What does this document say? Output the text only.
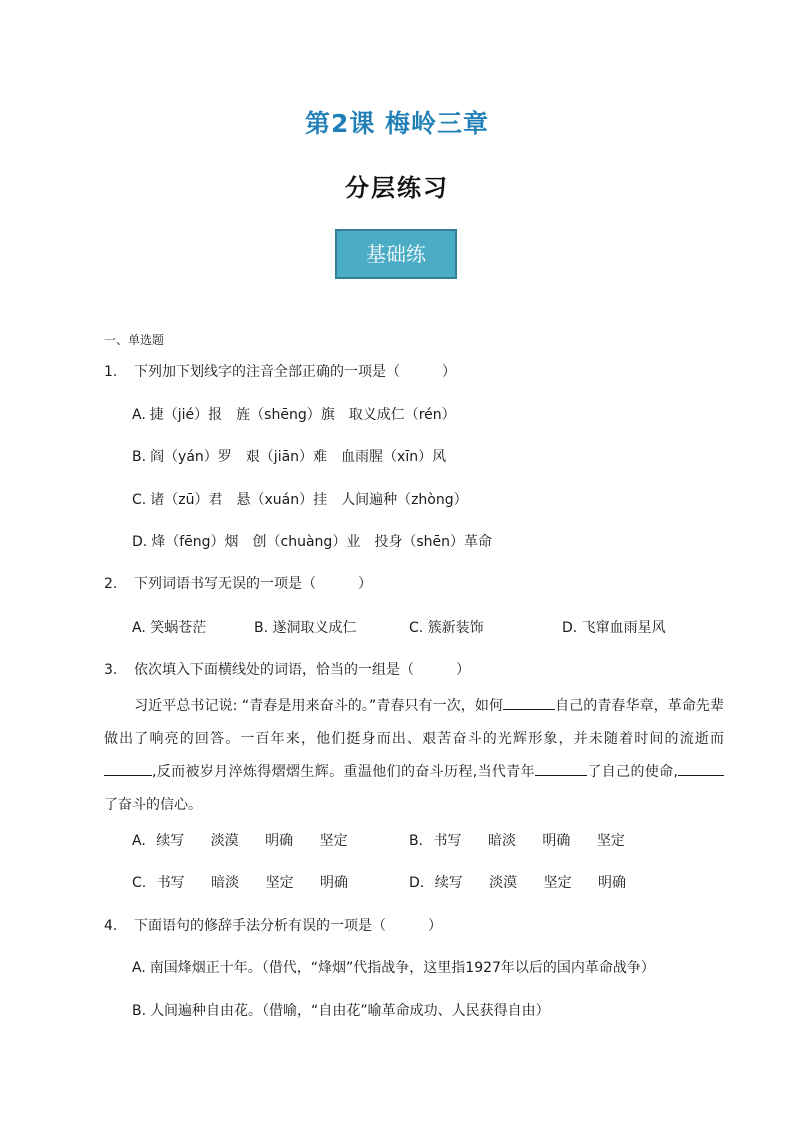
第2课 梅岭三章
分层练习
基础练
一、单选题
1. 下列加下划线字的注音全部正确的一项是（　　　）
A. 捷（jié）报　旌（shēng）旗　取义成仁（rén）
B. 阎（yán）罗　艰（jiān）难　血雨腥（xīn）风
C. 诸（zū）君　悬（xuán）挂　人间遍种（zhòng）
D. 烽（fēng）烟　创（chuàng）业　投身（shēn）革命
2. 下列词语书写无误的一项是（　　　）
A. 笑蜗苍茫	B. 遂洞取义成仁	C. 簇新装饰	D. 飞窜血雨星风
3. 依次填入下面横线处的词语，恰当的一组是（　　　）
习近平总书记说: “青春是用来奋斗的。”青春只有一次，如何	自己的青春华章，革命先辈做出了响亮的回答。一百年来，他们挺身而出、艰苦奋斗的光辉形象，并未随着时间的流逝而,反而被岁月淬炼得熠熠生辉。重温他们的奋斗历程,当代青年	了自己的使命,了奋斗的信心。
A. 续写 淡漠 明确 坚定	B. 书写 暗淡 明确 坚定
C. 书写 暗淡 坚定 明确	D. 续写 淡漠 坚定 明确
4. 下面语句的修辞手法分析有误的一项是（　　　）
A. 南国烽烟正十年。（借代，“烽烟”代指战争，这里指1927年以后的国内革命战争）
B. 人间遍种自由花。（借喻，“自由花”喻革命成功、人民获得自由）
